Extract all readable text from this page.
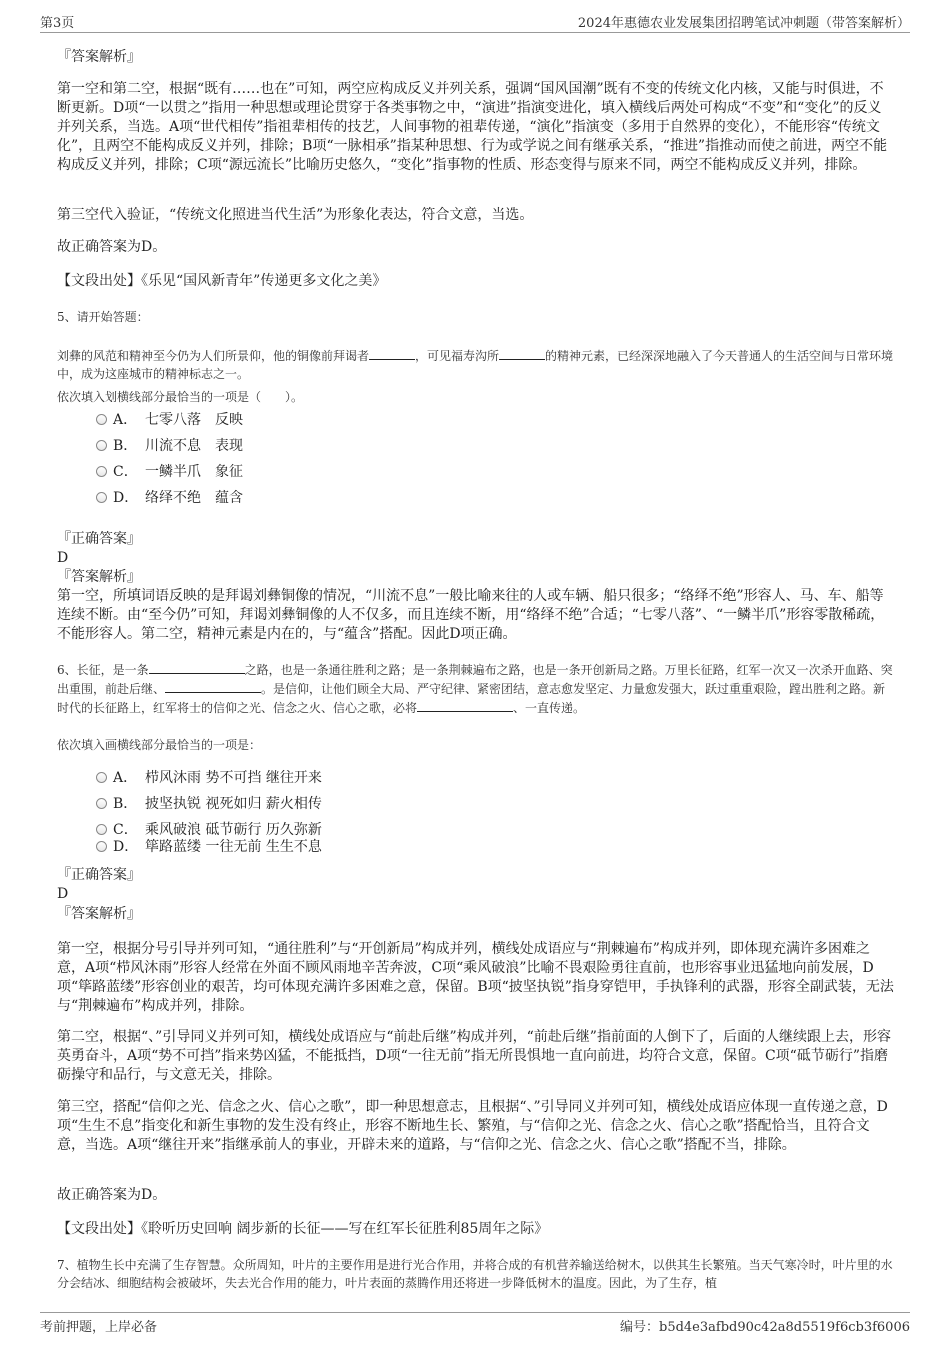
第3页	2024年惠德农业发展集团招聘笔试冲刺题（带答案解析）
『答案解析』

第一空和第二空，根据“既有……也在”可知，两空应构成反义并列关系，强调“国风国潮”既有不变的传统文化内核，又能与时俱进，不断更新。D项“一以贯之”指用一种思想或理论贯穿于各类事物之中，“演进”指演变进化，填入横线后两处可构成“不变”和“变化”的反义并列关系，当选。A项“世代相传”指祖辈相传的技艺，人间事物的祖辈传递，“演化”指演变（多用于自然界的变化），不能形容“传统文化”，且两空不能构成反义并列，排除；B项“一脉相承”指某种思想、行为或学说之间有继承关系，“推进”指推动而使之前进，两空不能构成反义并列，排除；C项“源远流长”比喻历史悠久，“变化”指事物的性质、形态变得与原来不同，两空不能构成反义并列，排除。

第三空代入验证，“传统文化照进当代生活”为形象化表达，符合文意，当选。

故正确答案为D。

【文段出处】《乐见“国风新青年”传递更多文化之美》
5、请开始答题：
刘彝的风范和精神至今仍为人们所景仰，他的铜像前拜谒者	，可见福寿沟所	的精神元素，已经深深地融入了今天普通人的生活空间与日常环境中，成为这座城市的精神标志之一。
依次填入划横线部分最恰当的一项是（　　）。
A． 七零八落　反映
B． 川流不息　表现
C． 一鳞半爪　象征
D． 络绎不绝　蕴含
『正确答案』
D
『答案解析』

第一空，所填词语反映的是拜谒刘彝铜像的情况，“川流不息”一般比喻来往的人或车辆、船只很多；“络绎不绝”形容人、马、车、船等连续不断。由“至今仍”可知，拜谒刘彝铜像的人不仅多，而且连续不断，用“络绎不绝”合适；“七零八落”、“一鳞半爪”形容零散稀疏，不能形容人。第二空，精神元素是内在的，与“蕴含”搭配。因此D项正确。

6、长征，是一条	之路，也是一条通往胜利之路；是一条荆棘遍布之路，也是一条开创新局之路。万里长征路，红军一次又一次杀开血路、突出重围，前赴后继、	。是信仰，让他们顾全大局、严守纪律、紧密团结，意志愈发坚定、力量愈发强大，跃过重重艰险，蹚出胜利之路。新时代的长征路上，红军将士的信仰之光、信念之火、信心之歌，必将	、一直传递。
依次填入画横线部分最恰当的一项是：
A． 栉风沐雨 势不可挡 继往开来
B． 披坚执锐 视死如归 薪火相传
C． 乘风破浪 砥节砺行 历久弥新
D． 筚路蓝缕 一往无前 生生不息
『正确答案』
D
『答案解析』

第一空，根据分号引导并列可知，“通往胜利”与“开创新局”构成并列，横线处成语应与“荆棘遍布”构成并列，即体现充满许多困难之意，A项“栉风沐雨”形容人经常在外面不顾风雨地辛苦奔波，C项“乘风破浪”比喻不畏艰险勇往直前，也形容事业迅猛地向前发展，D项“筚路蓝缕”形容创业的艰苦，均可体现充满许多困难之意，保留。B项“披坚执锐”指身穿铠甲，手执锋利的武器，形容全副武装，无法与“荆棘遍布”构成并列，排除。

第二空，根据“、”引导同义并列可知，横线处成语应与“前赴后继”构成并列，“前赴后继”指前面的人倒下了，后面的人继续跟上去，形容英勇奋斗，A项“势不可挡”指来势凶猛，不能抵挡，D项“一往无前”指无所畏惧地一直向前进，均符合文意，保留。C项“砥节砺行”指磨砺操守和品行，与文意无关，排除。

第三空，搭配“信仰之光、信念之火、信心之歌”，即一种思想意志，且根据“、”引导同义并列可知，横线处成语应体现一直传递之意，D项“生生不息”指变化和新生事物的发生没有终止，形容不断地生长、繁殖，与“信仰之光、信念之火、信心之歌”搭配恰当，且符合文意，当选。A项“继往开来”指继承前人的事业，开辟未来的道路，与“信仰之光、信念之火、信心之歌”搭配不当，排除。

故正确答案为D。

【文段出处】《聆听历史回响 阔步新的长征——写在红军长征胜利85周年之际》
7、植物生长中充满了生存智慧。众所周知，叶片的主要作用是进行光合作用，并将合成的有机营养输送给树木，以供其生长繁殖。当天气寒冷时，叶片里的水分会结冰、细胞结构会被破坏，失去光合作用的能力，叶片表面的蒸腾作用还将进一步降低树木的温度。因此，为了生存，植
考前押题，上岸必备	编号：b5d4e3afbd90c42a8d5519f6cb3f6006
